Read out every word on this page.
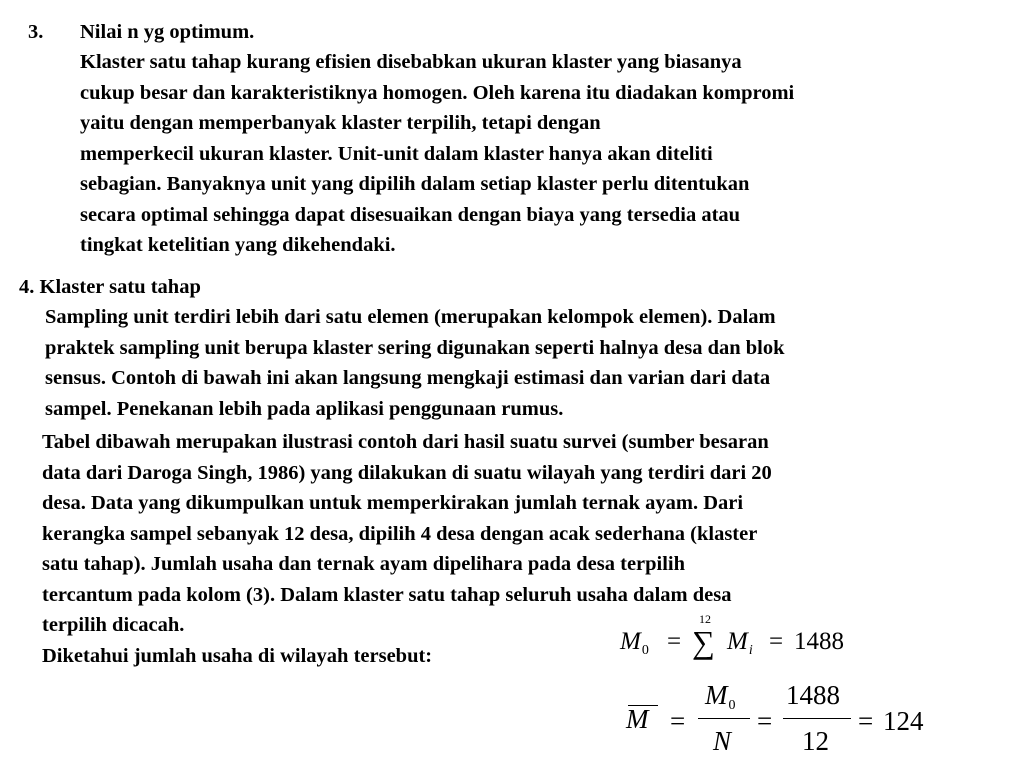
3. Nilai n yg optimum.
Klaster satu tahap kurang efisien disebabkan ukuran klaster yang biasanya
cukup besar dan karakteristiknya homogen. Oleh karena itu diadakan kompromi
yaitu dengan memperbanyak klaster terpilih, tetapi dengan
memperkecil ukuran klaster. Unit-unit dalam klaster hanya akan diteliti
sebagian. Banyaknya unit yang dipilih dalam setiap klaster perlu ditentukan
secara optimal sehingga dapat disesuaikan dengan biaya yang tersedia atau
tingkat ketelitian yang dikehendaki.
4. Klaster satu tahap
Sampling unit terdiri lebih dari satu elemen (merupakan kelompok elemen). Dalam
praktek sampling unit berupa klaster sering digunakan seperti halnya desa dan blok
sensus. Contoh di bawah ini akan langsung mengkaji estimasi dan varian dari data
sampel. Penekanan lebih pada aplikasi penggunaan rumus.
Tabel dibawah merupakan ilustrasi contoh dari hasil suatu survei (sumber besaran
data dari Daroga Singh, 1986) yang dilakukan di suatu wilayah yang terdiri dari 20
desa. Data yang dikumpulkan untuk memperkirakan jumlah ternak ayam. Dari
kerangka sampel sebanyak 12 desa, dipilih 4 desa dengan acak sederhana (klaster
satu tahap). Jumlah usaha dan ternak ayam dipelihara pada desa terpilih
tercantum pada kolom (3). Dalam klaster satu tahap seluruh usaha dalam desa
terpilih dicacah.
Diketahui jumlah usaha di wilayah tersebut:
$M_0$ =
12
∑ $M_i = 1488$
M =
M0
N
=
1488
12
= 124
